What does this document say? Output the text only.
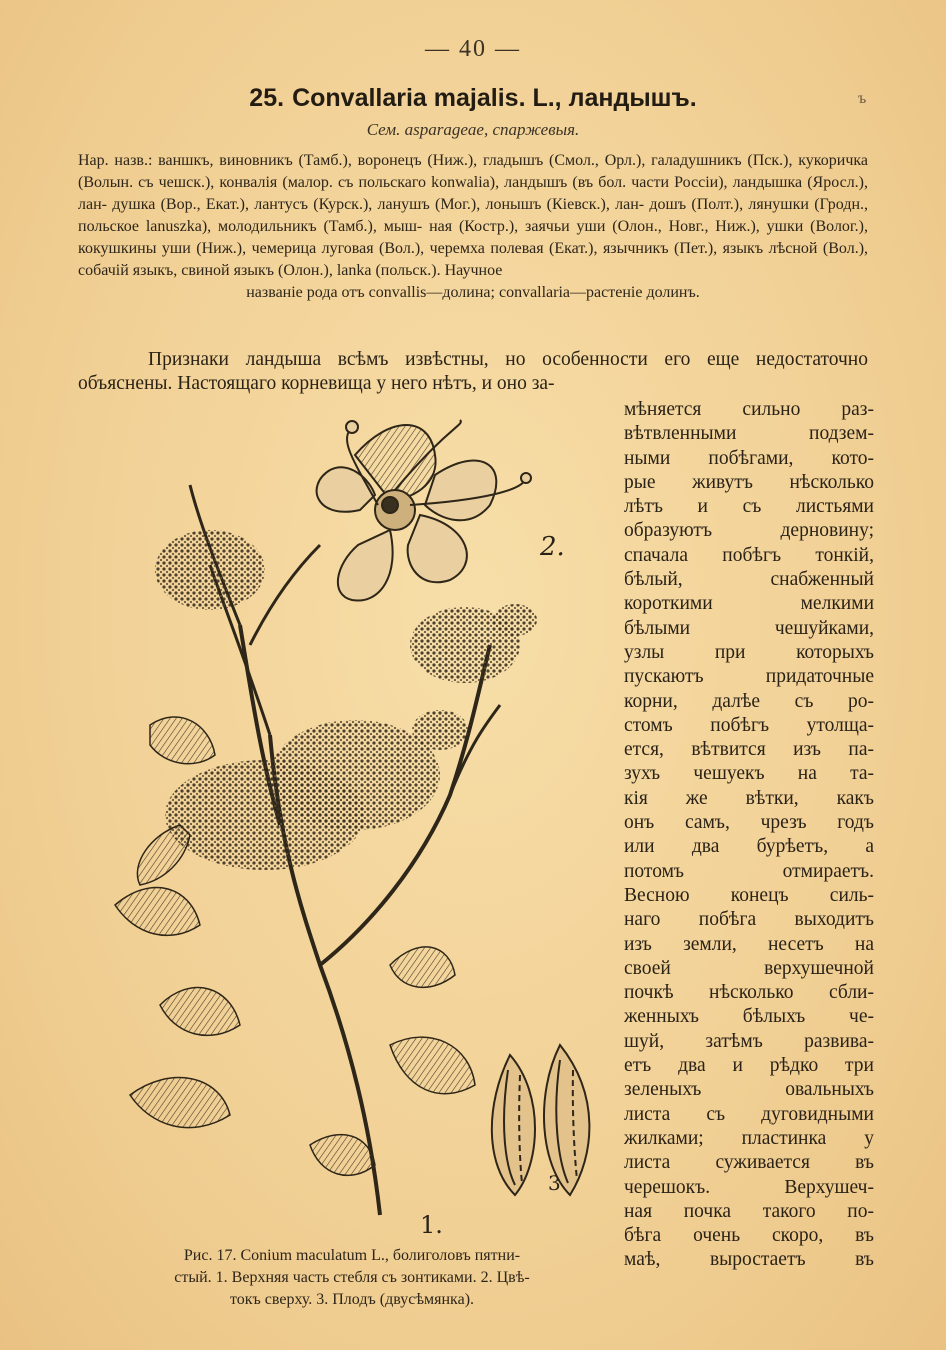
— 40 —
25. Convallaria majalis. L., ландышъ.	ъ
Сем. asparageae, спаржевыя.
Нар. назв.: ваншкъ, виновникъ (Тамб.), воронецъ (Ниж.), гладышъ (Смол., Орл.), галадушникъ (Пск.), кукоричка (Волын. съ чешск.), конвалія (малор. съ польскаго konwalia), ландышъ (въ бол. части Россіи), ландышка (Яросл.), лан- душка (Вор., Екат.), лантусъ (Курск.), ланушъ (Мог.), лонышъ (Кіевск.), лан- дошъ (Полт.), лянушки (Гродн., польское lanuszka), молодильникъ (Тамб.), мыш- ная (Костр.), заячьи уши (Олон., Новг., Ниж.), ушки (Волог.), кокушкины уши (Ниж.), чемерица луговая (Вол.), черемха полевая (Екат.), язычникъ (Пет.), языкъ лѣсной (Вол.), собачій языкъ, свиной языкъ (Олон.), lanka (польск.). Научное
названіе рода отъ convallis—долина; convallaria—растеніе долинъ.
Признаки ландыша всѣмъ извѣстны, но особенности его еще недостаточно объяснены. Настоящаго корневища у него нѣтъ, и оно за-
мѣняется сильно раз-
вѣтвленными подзем-
ными побѣгами, кото-
рые живутъ нѣсколько
лѣтъ и съ листьями
образуютъ дерновину;
спачала побѣгъ тонкій,
бѣлый, снабженный
короткими мелкими
бѣлыми чешуйками,
узлы при которыхъ
пускаютъ придаточные
корни, далѣе съ ро-
стомъ побѣгъ утолща-
ется, вѣтвится изъ па-
зухъ чешуекъ на та-
кія же вѣтки, какъ
онъ самъ, чрезъ годъ
или два бурѣетъ, а
потомъ отмираетъ.
Весною конецъ силь-
наго побѣга выходитъ
изъ земли, несетъ на
своей верхушечной
почкѣ нѣсколько сбли-
женныхъ бѣлыхъ че-
шуй, затѣмъ развива-
етъ два и рѣдко три
зеленыхъ овальныхъ
листа съ дуговидными
жилками; пластинка у
листа суживается въ
черешокъ. Верхушеч-
ная почка такого по-
бѣга очень скоро, въ
маѣ, выростаетъ въ
2.
3
1.
Рис. 17. Conium maculatum L., болиголовъ пятни-
стый. 1. Верхняя часть стебля съ зонтиками. 2. Цвѣ-
токъ сверху. 3. Плодъ (двусѣмянка).
